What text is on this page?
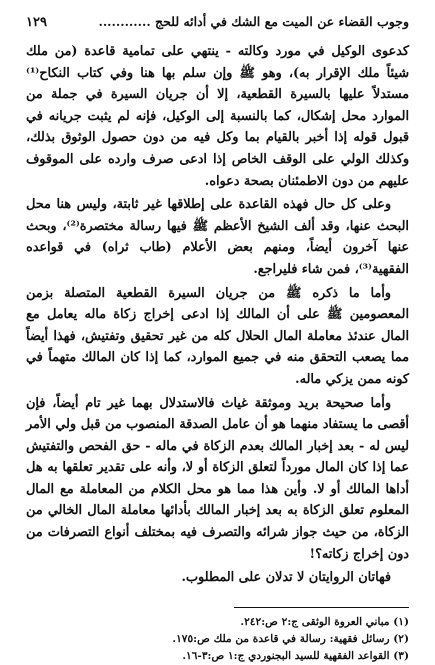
وجوب القضاء عن الميت مع الشك في أدائه للحج ............
١٢٩

كدعوى الوكيل في مورد وكالته - ينتهي على تمامية قاعدة (من ملك شيئاً ملك الإقرار به)، وهو ﷺ وإن سلم بها هنا وفي كتاب النكاح⁽¹⁾ مستدلاً عليها بالسيرة القطعية، إلا أن جريان السيرة في جملة من الموارد محل إشكال، كما بالنسبة إلى الوكيل، فإنه لم يثبت جريانه في قبول قوله إذا أخبر بالقيام بما وكل فيه من دون حصول الوثوق بذلك، وكذلك الولي على الوقف الخاص إذا ادعى صرف وارده على الموقوف عليهم من دون الاطمئنان بصحة دعواه.

وعلى كل حال فهذه القاعدة على إطلاقها غير ثابتة، وليس هنا محل البحث عنها، وقد ألف الشيخ الأعظم ﷺ فيها رسالة مختصرة⁽²⁾، وبحث عنها آخرون أيضاً، ومنهم بعض الأعلام (طاب ثراه) في قواعده الفقهية⁽³⁾، فمن شاء فليراجع.

وأما ما ذكره ﷺ من جريان السيرة القطعية المتصلة بزمن المعصومين ﷺ على أن المالك إذا ادعى إخراج زكاة ماله يعامل مع المال عندئذ معاملة المال الحلال كله من غير تحقيق وتفتيش، فهذا أيضاً مما يصعب التحقق منه في جميع الموارد، كما إذا كان المالك متهماً في كونه ممن يزكي ماله.

وأما صحيحة بريد وموثقة غياث فالاستدلال بهما غير تام أيضاً، فإن أقصى ما يستفاد منهما هو أن عامل الصدقة المنصوب من قبل ولي الأمر ليس له - بعد إخبار المالك بعدم الزكاة في ماله - حق الفحص والتفتيش عما إذا كان المال مورداً لتعلق الزكاة أو لا، وأنه على تقدير تعلقها به هل أداها المالك أو لا. وأين هذا مما هو محل الكلام من المعاملة مع المال المعلوم تعلق الزكاة به بعد إخبار المالك بأدائها معاملة المال الخالي من الزكاة، من حيث جواز شرائه والتصرف فيه بمختلف أنواع التصرفات من دون إخراج زكاته؟!

فهاتان الروايتان لا تدلان على المطلوب.

(١) مباني العروة الوثقى ج:٢ ص:٢٤٢.

(٢) رسائل فقهية: رسالة في قاعدة من ملك ص:١٧٥.

(٣) القواعد الفقهية للسيد البجنوردي ج:١ ص:٣-١٦.
